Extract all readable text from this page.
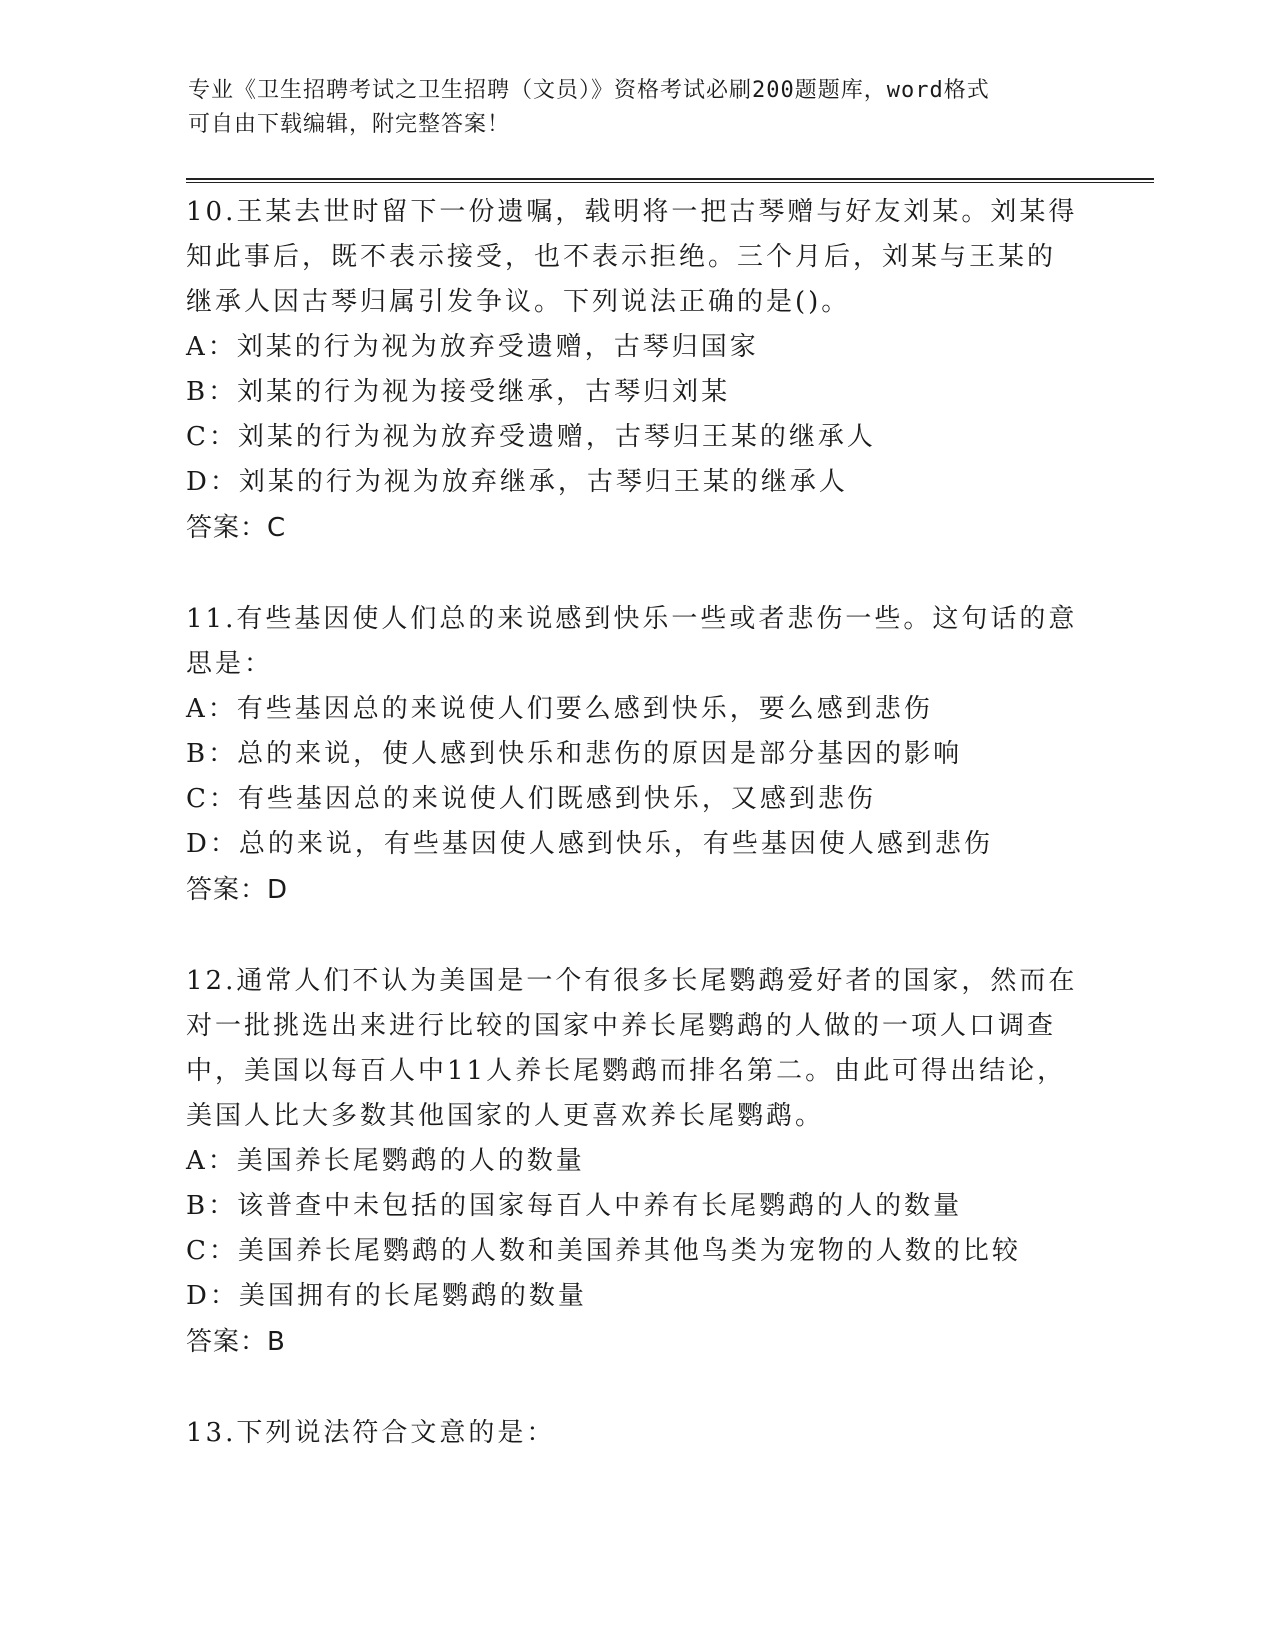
专业《卫生招聘考试之卫生招聘（文员）》资格考试必刷200题题库，word格式
可自由下载编辑，附完整答案！
10.王某去世时留下一份遗嘱，载明将一把古琴赠与好友刘某。刘某得
知此事后，既不表示接受，也不表示拒绝。三个月后，刘某与王某的
继承人因古琴归属引发争议。下列说法正确的是()。
A：刘某的行为视为放弃受遗赠，古琴归国家
B：刘某的行为视为接受继承，古琴归刘某
C：刘某的行为视为放弃受遗赠，古琴归王某的继承人
D：刘某的行为视为放弃继承，古琴归王某的继承人
答案：C
11.有些基因使人们总的来说感到快乐一些或者悲伤一些。这句话的意
思是：
A：有些基因总的来说使人们要么感到快乐，要么感到悲伤
B：总的来说，使人感到快乐和悲伤的原因是部分基因的影响
C：有些基因总的来说使人们既感到快乐，又感到悲伤
D：总的来说，有些基因使人感到快乐，有些基因使人感到悲伤
答案：D
12.通常人们不认为美国是一个有很多长尾鹦鹉爱好者的国家，然而在
对一批挑选出来进行比较的国家中养长尾鹦鹉的人做的一项人口调查
中，美国以每百人中11人养长尾鹦鹉而排名第二。由此可得出结论，
美国人比大多数其他国家的人更喜欢养长尾鹦鹉。
A：美国养长尾鹦鹉的人的数量
B：该普查中未包括的国家每百人中养有长尾鹦鹉的人的数量
C：美国养长尾鹦鹉的人数和美国养其他鸟类为宠物的人数的比较
D：美国拥有的长尾鹦鹉的数量
答案：B
13.下列说法符合文意的是：
